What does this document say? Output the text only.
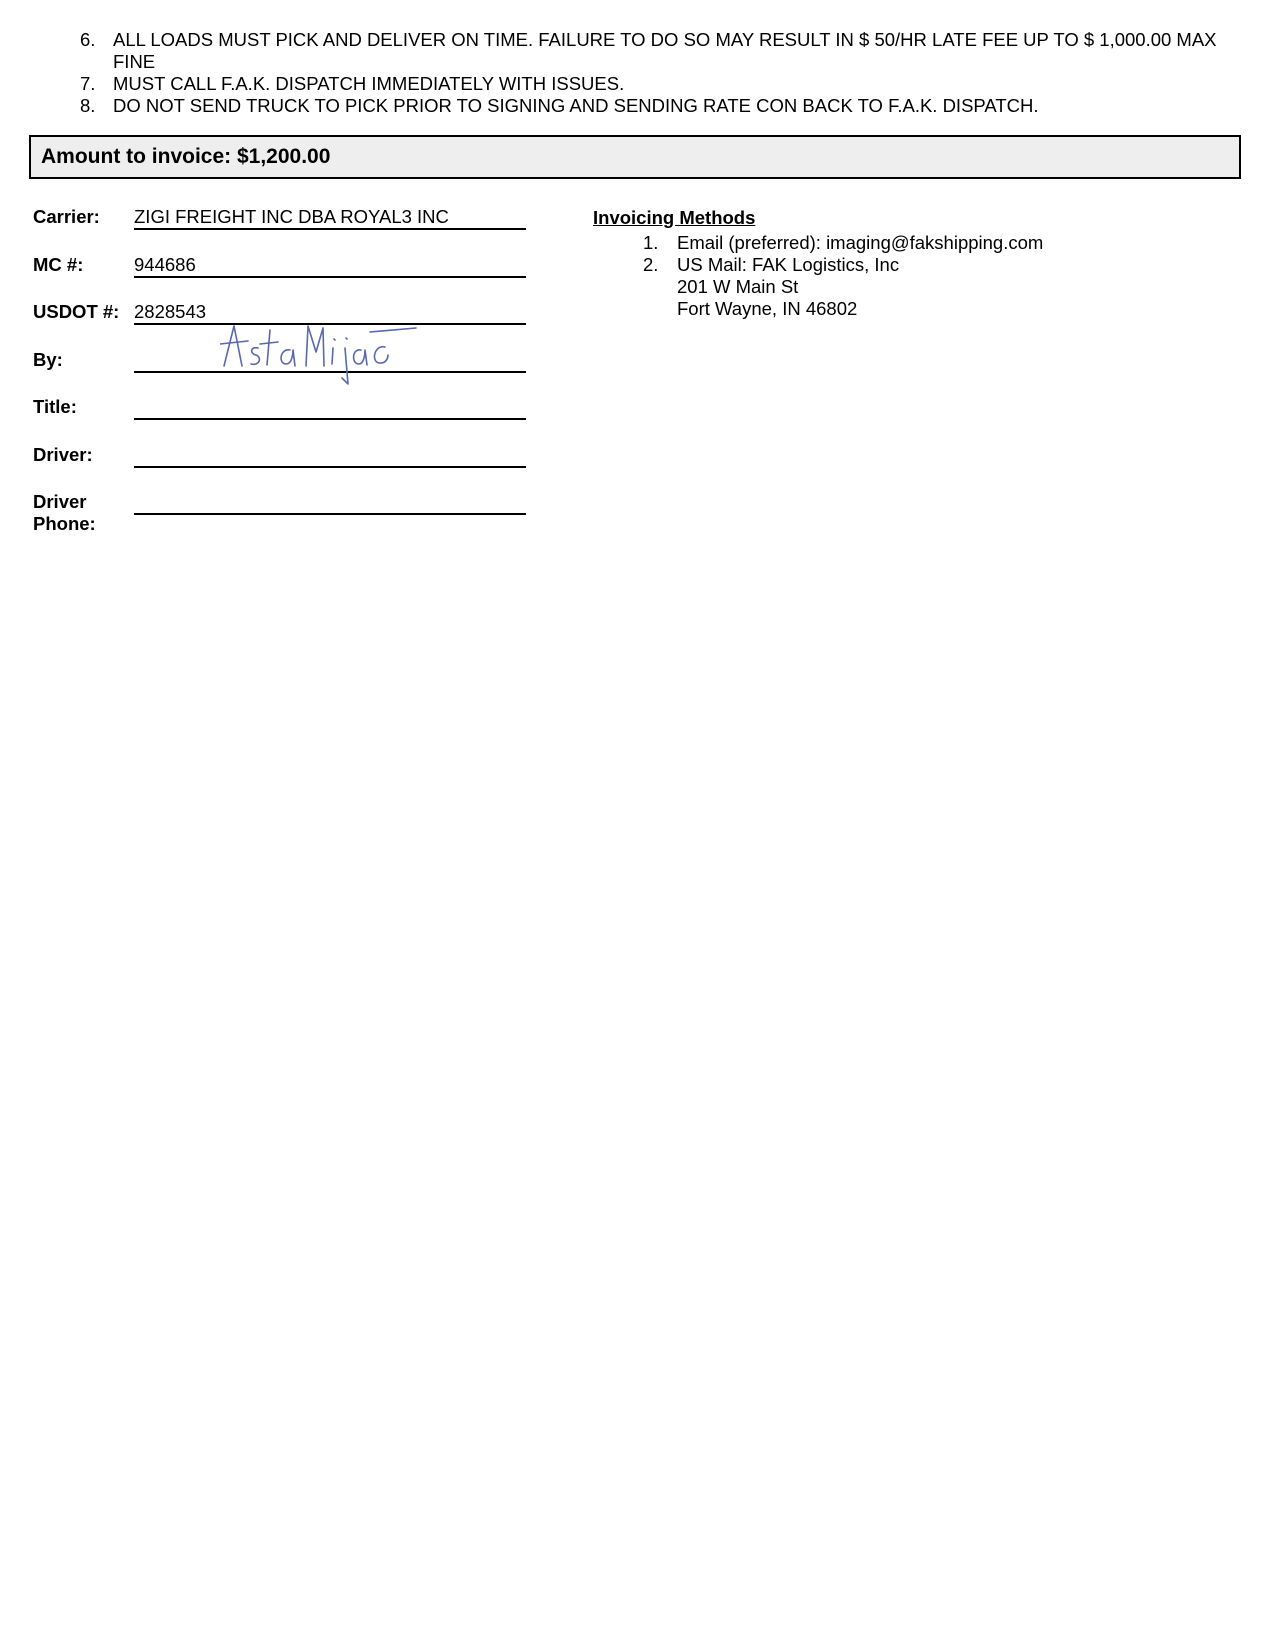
6. ALL LOADS MUST PICK AND DELIVER ON TIME. FAILURE TO DO SO MAY RESULT IN $ 50/HR LATE FEE UP TO $ 1,000.00 MAX FINE
7. MUST CALL F.A.K. DISPATCH IMMEDIATELY WITH ISSUES.
8. DO NOT SEND TRUCK TO PICK PRIOR TO SIGNING AND SENDING RATE CON BACK TO F.A.K. DISPATCH.
Amount to invoice: $1,200.00
Carrier: ZIGI FREIGHT INC DBA ROYAL3 INC
MC #:	944686
USDOT #: 2828543
By:
Title:
Driver:
Driver
Phone:
Invoicing Methods
1.	Email (preferred): imaging@fakshipping.com
2.	US Mail: FAK Logistics, Inc
201 W Main St
Fort Wayne, IN 46802
